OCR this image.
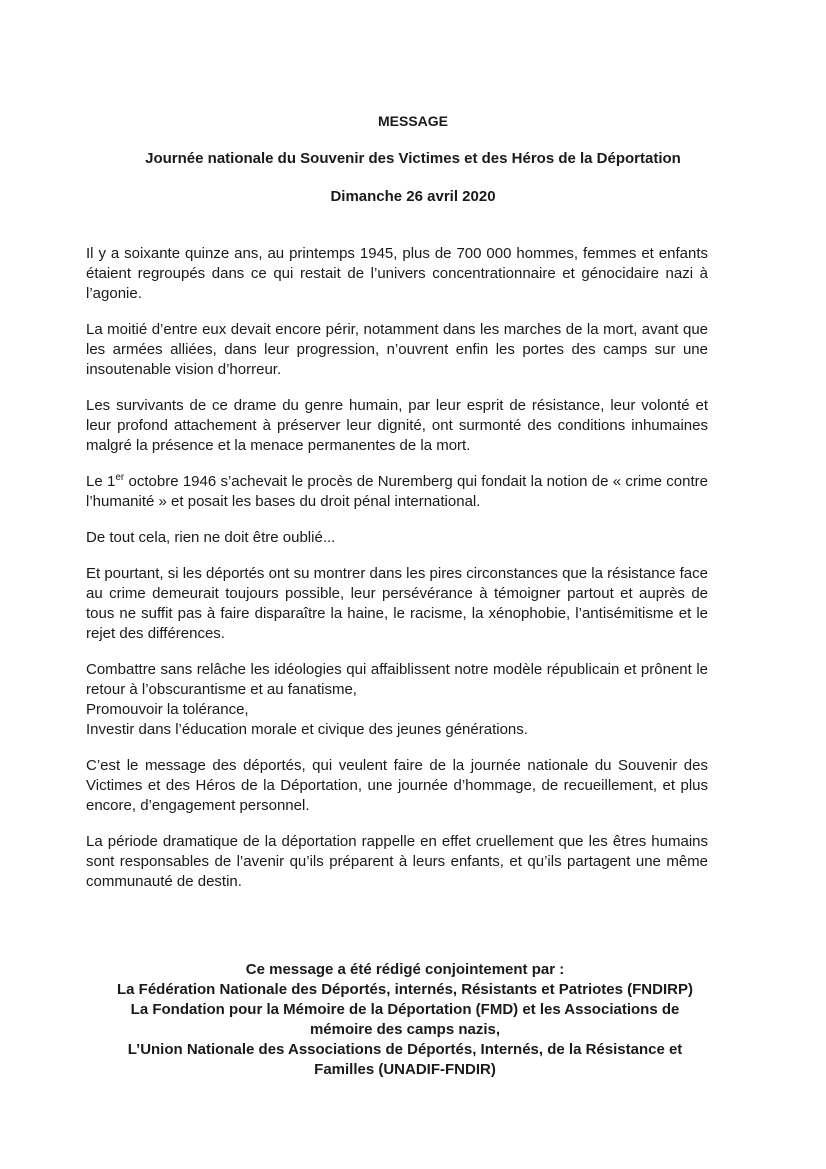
MESSAGE
Journée nationale du Souvenir des Victimes et des Héros de la Déportation
Dimanche 26 avril 2020

Il y a soixante quinze ans, au printemps 1945, plus de 700 000 hommes, femmes et enfants étaient regroupés dans ce qui restait de l’univers concentrationnaire et génocidaire nazi à l’agonie.

La moitié d’entre eux devait encore périr, notamment dans les marches de la mort, avant que les armées alliées, dans leur progression, n’ouvrent enfin les portes des camps sur une insoutenable vision d’horreur.

Les survivants de ce drame du genre humain, par leur esprit de résistance, leur volonté et leur profond attachement à préserver leur dignité, ont surmonté des conditions inhumaines malgré la présence et la menace permanentes de la mort.

Le 1er octobre 1946 s’achevait le procès de Nuremberg qui fondait la notion de « crime contre l’humanité » et posait les bases du droit pénal international.

De tout cela, rien ne doit être oublié...

Et pourtant, si les déportés ont su montrer dans les pires circonstances que la résistance face au crime demeurait toujours possible, leur persévérance à témoigner partout et auprès de tous ne suffit pas à faire disparaître la haine, le racisme, la xénophobie, l’antisémitisme et le rejet des différences.

Combattre sans relâche les idéologies qui affaiblissent notre modèle républicain et prônent le retour à l’obscurantisme et au fanatisme,
Promouvoir la tolérance,
Investir dans l’éducation morale et civique des jeunes générations.

C’est le message des déportés, qui veulent faire de la journée nationale du Souvenir des Victimes et des Héros de la Déportation, une journée d’hommage, de recueillement, et plus encore, d’engagement personnel.

La période dramatique de la déportation rappelle en effet cruellement que les êtres humains sont responsables de l’avenir qu’ils préparent à leurs enfants, et qu’ils partagent une même communauté de destin.

Ce message a été rédigé conjointement par :
La Fédération Nationale des Déportés, internés, Résistants et Patriotes (FNDIRP)
La Fondation pour la Mémoire de la Déportation (FMD) et les Associations de
mémoire des camps nazis,
L’Union Nationale des Associations de Déportés, Internés, de la Résistance et
Familles (UNADIF-FNDIR)
